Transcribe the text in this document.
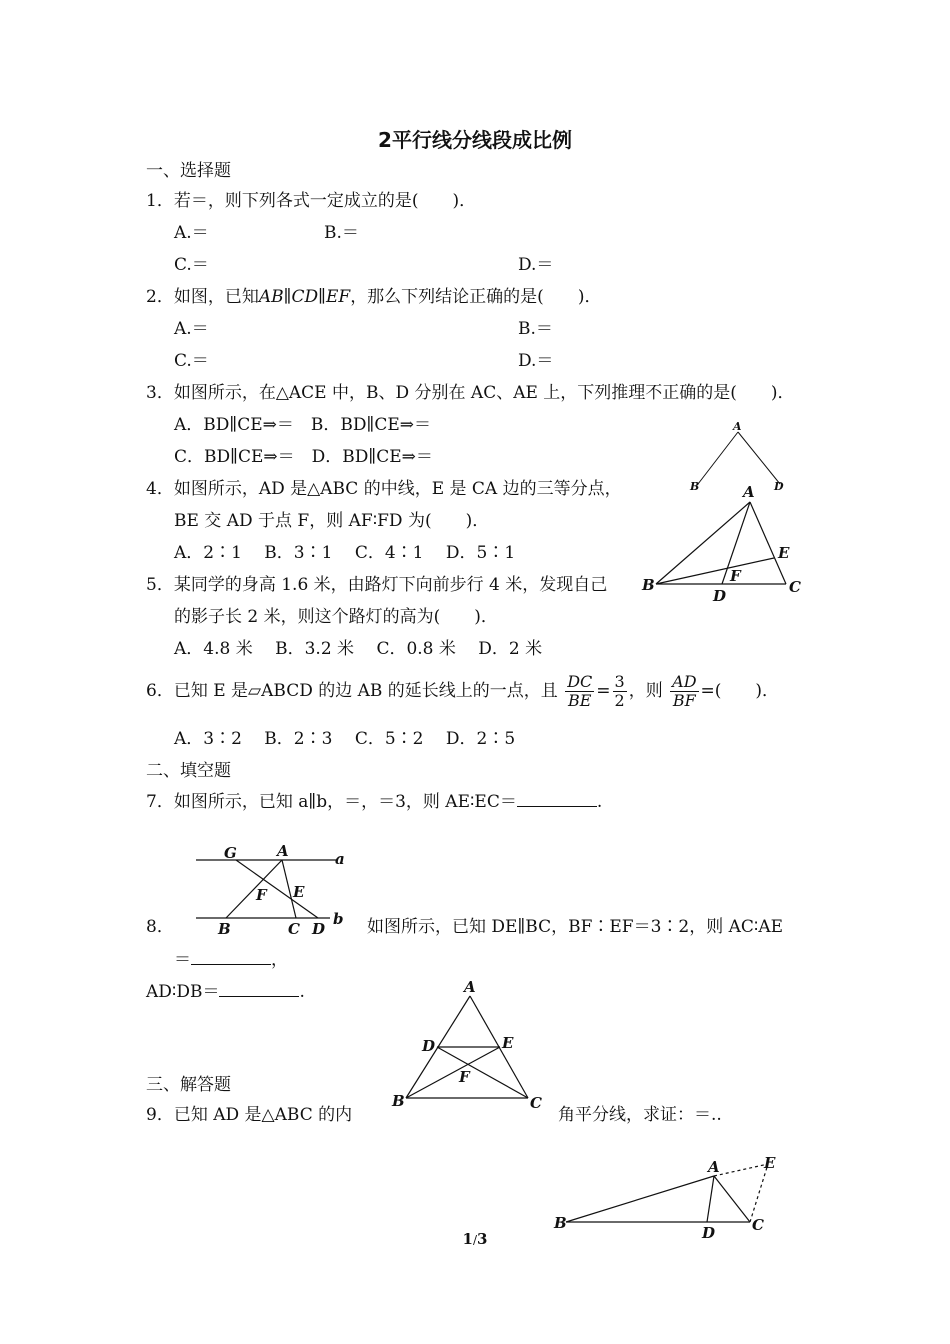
2平行线分线段成比例
一、选择题
1．若＝，则下列各式一定成立的是(　　)．
A.＝	B.＝
C.＝	D.＝
2．如图，已知AB∥CD∥EF，那么下列结论正确的是(　　)．
A.＝	B.＝
C.＝	D.＝
3．如图所示，在△ACE 中，B、D 分别在 AC、AE 上，下列推理不正确的是(　　)．
A．BD∥CE⇒＝　B．BD∥CE⇒＝
C．BD∥CE⇒＝　D．BD∥CE⇒＝
A
B	D
4．如图所示，AD 是△ABC 的中线，E 是 CA 边的三等分点，
BE 交 AD 于点 F，则 AF∶FD 为(　　)．
A．2∶1　 B．3∶1　 C．4∶1　 D．5∶1
A
B	C
D
E
F
5．某同学的身高 1.6 米，由路灯下向前步行 4 米，发现自己
的影子长 2 米，则这个路灯的高为(　　)．
A．4.8 米　 B．3.2 米　 C．0.8 米　 D．2 米
6．已知 E 是▱ABCD 的边 AB 的延长线上的一点，且 $\frac{DC}{BE} = \frac{3}{2}$ ，则 $\frac{AD}{BF}$ =(　　)．
A．3∶2　 B．2∶3　 C．5∶2　 D．2∶5
二、填空题
7．如图所示，已知 a∥b，＝，＝3，则 AE∶EC＝	.
G	A	a
F E
B	C D
b
8．	如图所示，已知 DE∥BC，BF∶EF＝3∶2，则 AC∶AE
＝	，
AD∶DB＝	.	A
D	E
F
B	C
三、解答题
9．已知 AD 是△ABC 的内	角平分线，求证：＝..
A	E
B
D C
1/3
